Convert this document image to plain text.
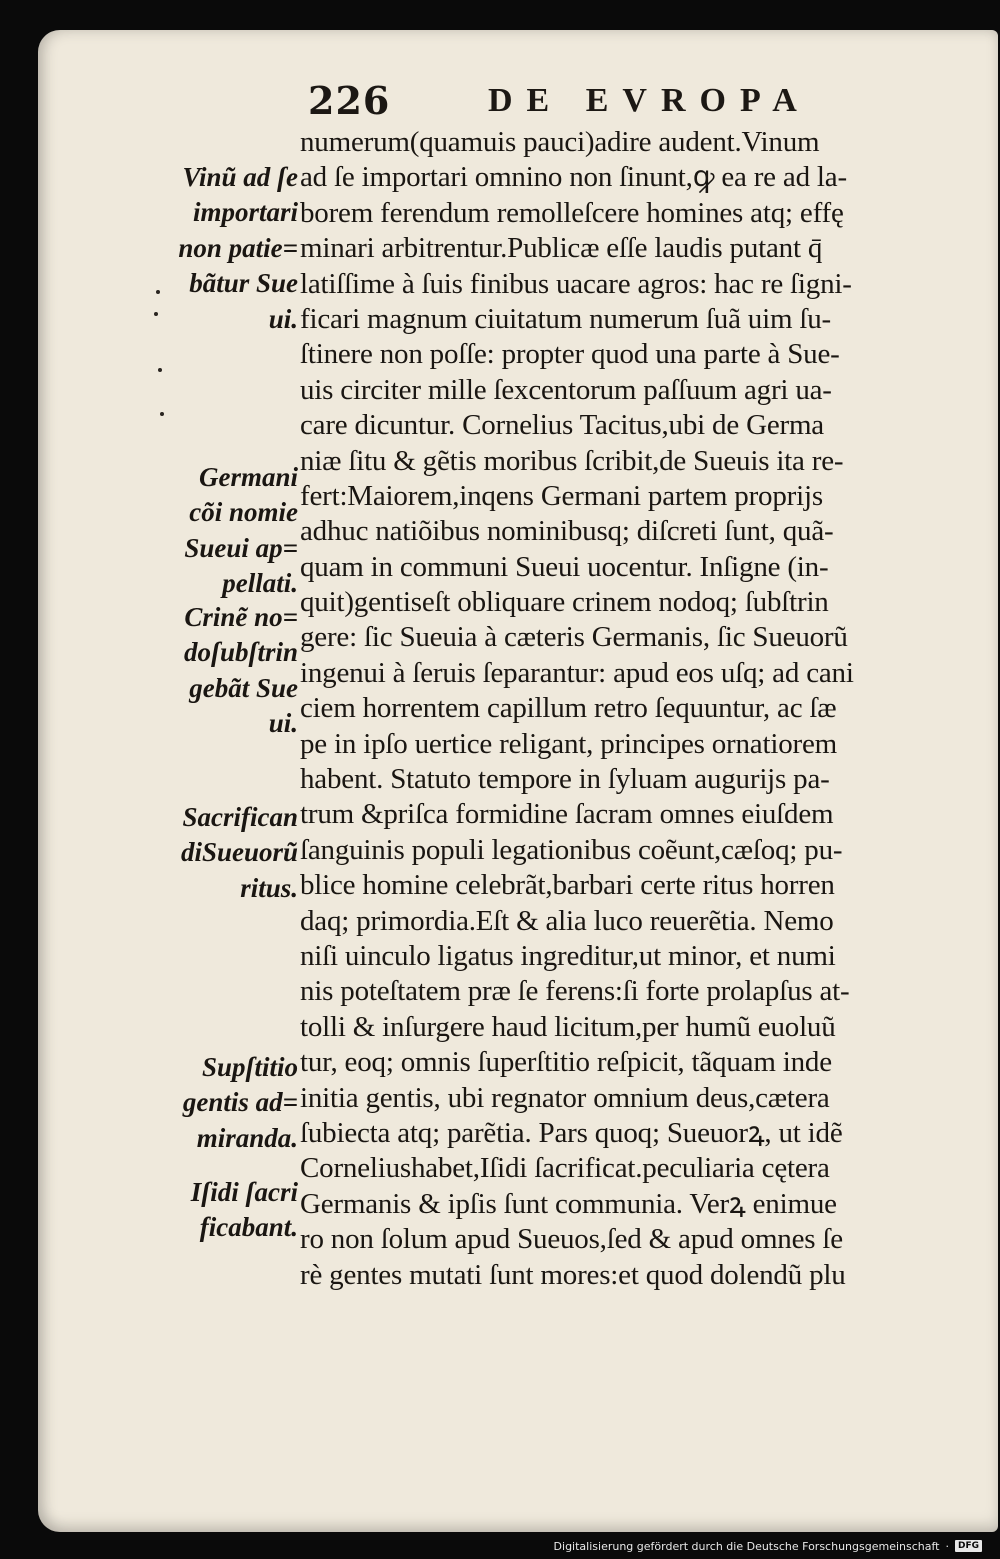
226	DE EVROPA
numerum(quamuis pauci)adire audent.Vinum
ad ſe importari omnino non ſinunt,ꝙ ea re ad la-
borem ferendum remolleſcere homines atq; effę
minari arbitrentur.Publicæ eſſe laudis putant q̄
latiſſime à ſuis finibus uacare agros: hac re ſigni-
ficari magnum ciuitatum numerum ſuã uim ſu-
ſtinere non poſſe: propter quod una parte à Sue-
uis circiter mille ſexcentorum paſſuum agri ua-
care dicuntur. Cornelius Tacitus,ubi de Germa
niæ ſitu & gẽtis moribus ſcribit,de Sueuis ita re-
fert:Maiorem,inqens Germani partem proprijs
adhuc natiõibus nominibusq; diſcreti ſunt, quã-
quam in communi Sueui uocentur. Inſigne (in-
quit)gentiseſt obliquare crinem nodoq; ſubſtrin
gere: ſic Sueuia à cæteris Germanis, ſic Sueuorũ
ingenui à ſeruis ſeparantur: apud eos uſq; ad cani
ciem horrentem capillum retro ſequuntur, ac ſæ
pe in ipſo uertice religant, principes ornatiorem
habent. Statuto tempore in ſyluam augurijs pa-
trum &priſca formidine ſacram omnes eiuſdem
ſanguinis populi legationibus coẽunt,cæſoq; pu-
blice homine celebrãt,barbari certe ritus horren
daq; primordia.Eſt & alia luco reuerẽtia. Nemo
niſi uinculo ligatus ingreditur,ut minor, et numi
nis poteſtatem præ ſe ferens:ſi forte prolapſus at-
tolli & inſurgere haud licitum,per humũ euoluũ
tur, eoq; omnis ſuperſtitio reſpicit, tãquam inde
initia gentis, ubi regnator omnium deus,cætera
ſubiecta atq; parẽtia. Pars quoq; Sueuorꝝ, ut idẽ
Corneliushabet,Iſidi ſacrificat.peculiaria cętera
Germanis & ipſis ſunt communia. Verꝝ enimue
ro non ſolum apud Sueuos,ſed & apud omnes ſe
rè gentes mutati ſunt mores:et quod dolendũ plu
Vinũ ad ſe
importari
non patie=
bãtur Sue
ui.
Germani
cõi nomie
Sueui ap=
pellati.
Crinẽ no=
doſubſtrin
gebãt Sue
ui.
Sacrifican
diSueuorũ
ritus.
Supſtitio
gentis ad=
miranda.
Iſidi ſacri
ficabant.
Digitalisierung gefördert durch die Deutsche Forschungsgemeinschaft ·	DFG
